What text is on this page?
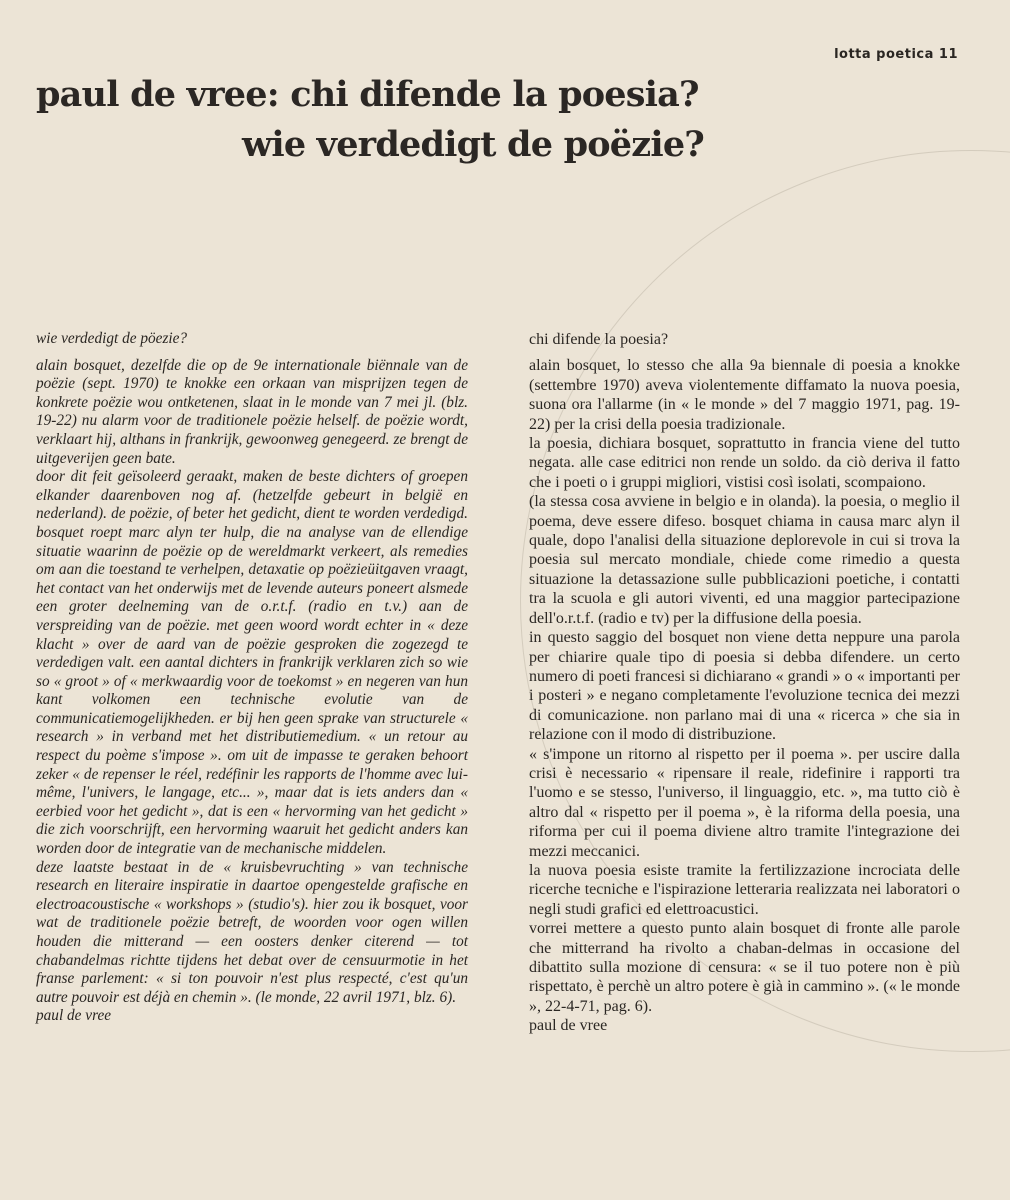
lotta poetica 11
paul de vree: chi difende la poesia?
wie verdedigt de poëzie?

wie verdedigt de pöezie?

alain bosquet, dezelfde die op de 9e internationale biënnale van de poëzie (sept. 1970) te knokke een orkaan van misprijzen tegen de konkrete poëzie wou ontketenen, slaat in le monde van 7 mei jl. (blz. 19-22) nu alarm voor de traditionele poëzie helself. de poëzie wordt, verklaart hij, althans in frankrijk, gewoonweg genegeerd. ze brengt de uitgeverijen geen bate.

door dit feit geïsoleerd geraakt, maken de beste dichters of groepen elkander daarenboven nog af. (hetzelfde gebeurt in belgië en nederland). de poëzie, of beter het gedicht, dient te worden verdedigd. bosquet roept marc alyn ter hulp, die na analyse van de ellendige situatie waarinn de poëzie op de wereldmarkt verkeert, als remedies om aan die toestand te verhelpen, detaxatie op poëzieüitgaven vraagt, het contact van het onderwijs met de levende auteurs poneert alsmede een groter deelneming van de o.r.t.f. (radio en t.v.) aan de verspreiding van de poëzie. met geen woord wordt echter in « deze klacht » over de aard van de poëzie gesproken die zogezegd te verdedigen valt. een aantal dichters in frankrijk verklaren zich so wie so « groot » of « merkwaardig voor de toekomst » en negeren van hun kant volkomen een technische evolutie van de communicatiemogelijkheden. er bij hen geen sprake van structurele « research » in verband met het distributiemedium. « un retour au respect du poème s'impose ». om uit de impasse te geraken behoort zeker « de repenser le réel, redéfinir les rapports de l'homme avec lui-même, l'univers, le langage, etc... », maar dat is iets anders dan « eerbied voor het gedicht », dat is een « hervorming van het gedicht » die zich voorschrijft, een hervorming waaruit het gedicht anders kan worden door de integratie van de mechanische middelen.

deze laatste bestaat in de « kruisbevruchting » van technische research en literaire inspiratie in daartoe opengestelde grafische en electroacoustische « workshops » (studio's). hier zou ik bosquet, voor wat de traditionele poëzie betreft, de woorden voor ogen willen houden die mitterand — een oosters denker citerend — tot chabandelmas richtte tijdens het debat over de censuurmotie in het franse parlement: « si ton pouvoir n'est plus respecté, c'est qu'un autre pouvoir est déjà en chemin ». (le monde, 22 avril 1971, blz. 6).

paul de vree

chi difende la poesia?

alain bosquet, lo stesso che alla 9a biennale di poesia a knokke (settembre 1970) aveva violentemente diffamato la nuova poesia, suona ora l'allarme (in « le monde » del 7 maggio 1971, pag. 19-22) per la crisi della poesia tradizionale.

la poesia, dichiara bosquet, soprattutto in francia viene del tutto negata. alle case editrici non rende un soldo. da ciò deriva il fatto che i poeti o i gruppi migliori, vistisi così isolati, scompaiono.

(la stessa cosa avviene in belgio e in olanda). la poesia, o meglio il poema, deve essere difeso. bosquet chiama in causa marc alyn il quale, dopo l'analisi della situazione deplorevole in cui si trova la poesia sul mercato mondiale, chiede come rimedio a questa situazione la detassazione sulle pubblicazioni poetiche, i contatti tra la scuola e gli autori viventi, ed una maggior partecipazione dell'o.r.t.f. (radio e tv) per la diffusione della poesia.

in questo saggio del bosquet non viene detta neppure una parola per chiarire quale tipo di poesia si debba difendere. un certo numero di poeti francesi si dichiarano « grandi » o « importanti per i posteri » e negano completamente l'evoluzione tecnica dei mezzi di comunicazione. non parlano mai di una « ricerca » che sia in relazione con il modo di distribuzione.

« s'impone un ritorno al rispetto per il poema ». per uscire dalla crisi è necessario « ripensare il reale, ridefinire i rapporti tra l'uomo e se stesso, l'universo, il linguaggio, etc. », ma tutto ciò è altro dal « rispetto per il poema », è la riforma della poesia, una riforma per cui il poema diviene altro tramite l'integrazione dei mezzi meccanici.

la nuova poesia esiste tramite la fertilizzazione incrociata delle ricerche tecniche e l'ispirazione letteraria realizzata nei laboratori o negli studi grafici ed elettroacustici.

vorrei mettere a questo punto alain bosquet di fronte alle parole che mitterrand ha rivolto a chaban-delmas in occasione del dibattito sulla mozione di censura: « se il tuo potere non è più rispettato, è perchè un altro potere è già in cammino ». (« le monde », 22-4-71, pag. 6).

paul de vree
